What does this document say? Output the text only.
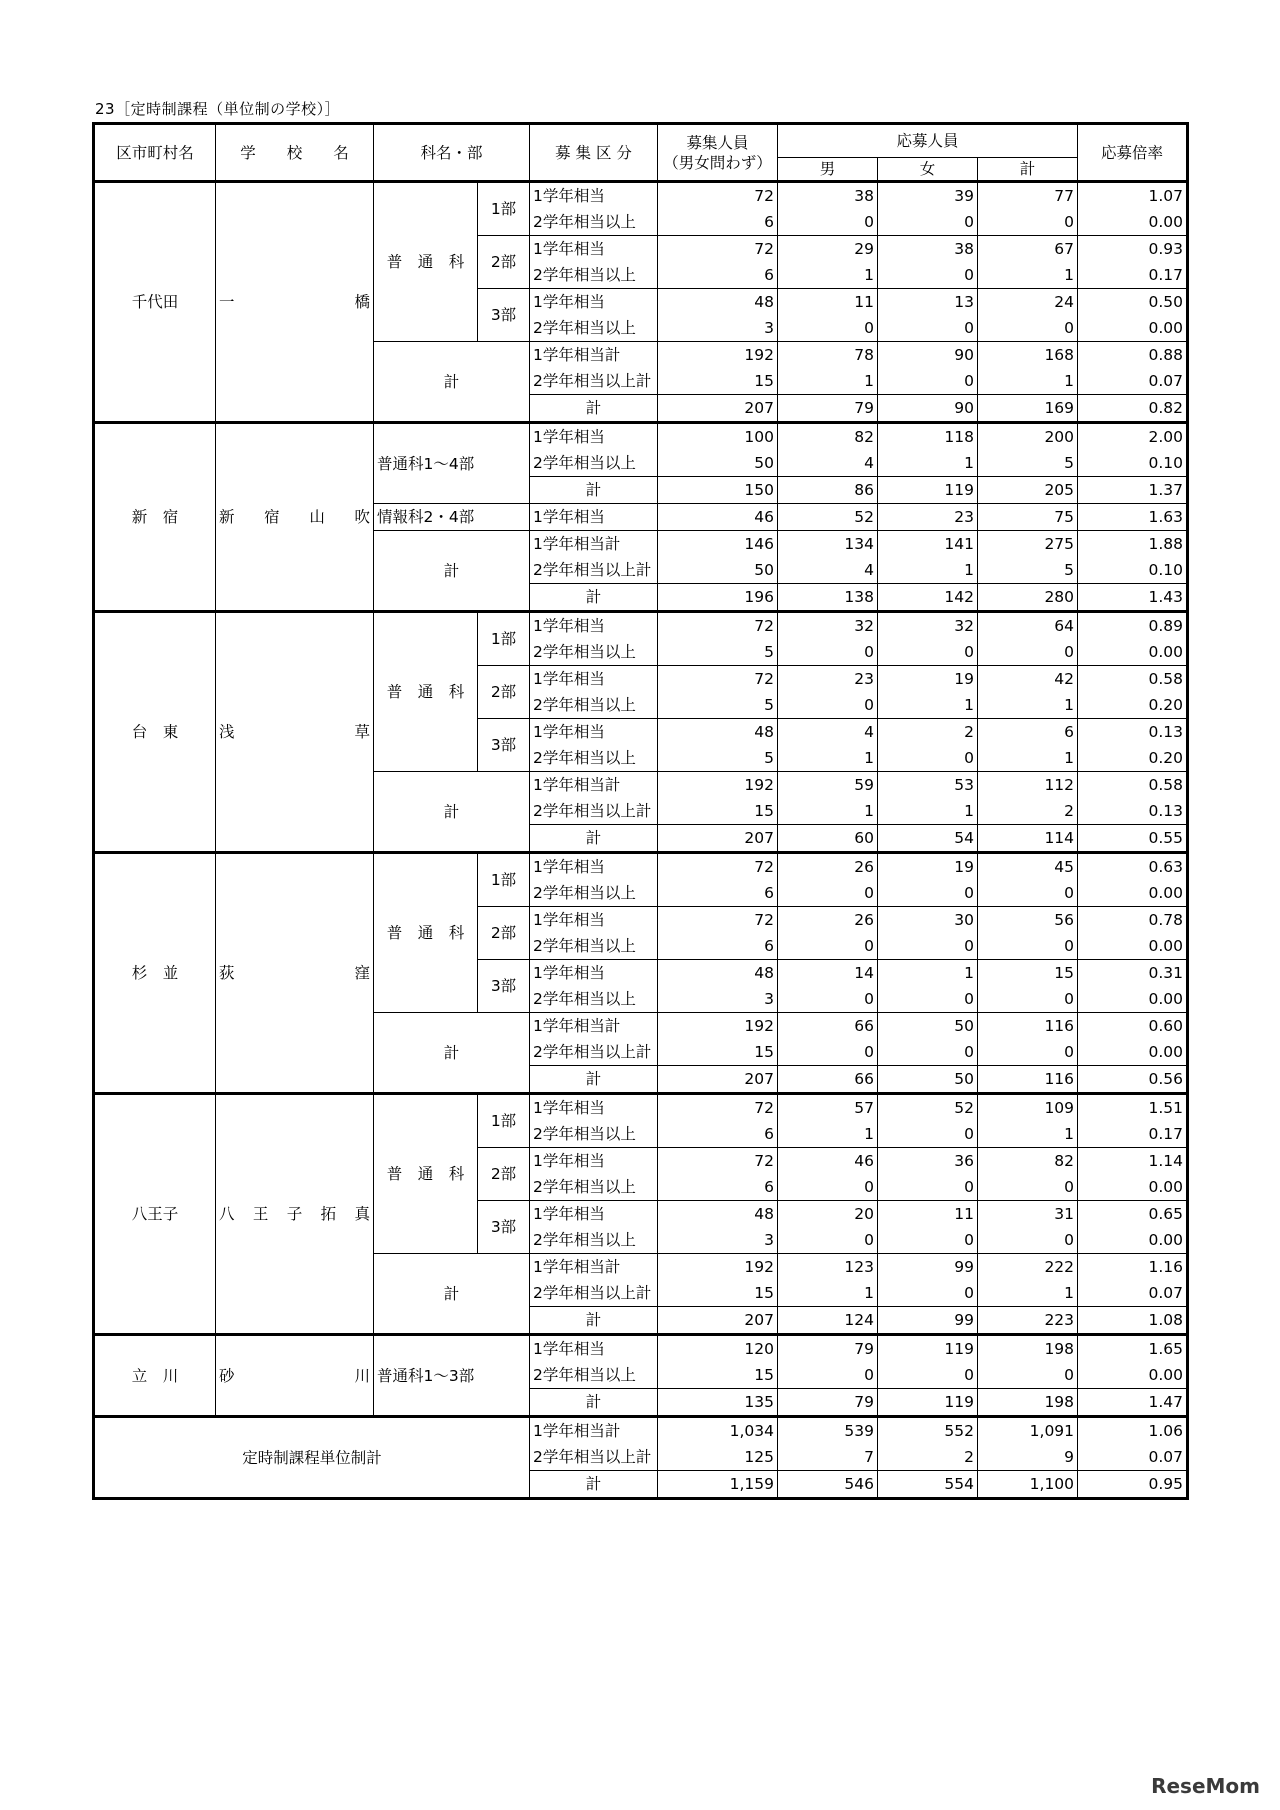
23［定時制課程（単位制の学校）］
区市町村名	学　　校　　名	科名・部		募 集 区 分	募集人員
（男女問わず）	応募人員			応募倍率
						男	女	計	
千代田	一 橋	普　通　科	1部	1学年相当	72	38	39	77	1.07
				2学年相当以上	6	0	0	0	0.00
			2部	1学年相当	72	29	38	67	0.93
				2学年相当以上	6	1	0	1	0.17
			3部	1学年相当	48	11	13	24	0.50
				2学年相当以上	3	0	0	0	0.00
		計		1学年相当計	192	78	90	168	0.88
				2学年相当以上計	15	1	0	1	0.07
				計	207	79	90	169	0.82
新　宿	新 宿 山 吹	普通科1～4部		1学年相当	100	82	118	200	2.00
				2学年相当以上	50	4	1	5	0.10
				計	150	86	119	205	1.37
		情報科2・4部		1学年相当	46	52	23	75	1.63
		計		1学年相当計	146	134	141	275	1.88
				2学年相当以上計	50	4	1	5	0.10
				計	196	138	142	280	1.43
台　東	浅 草	普　通　科	1部	1学年相当	72	32	32	64	0.89
				2学年相当以上	5	0	0	0	0.00
			2部	1学年相当	72	23	19	42	0.58
				2学年相当以上	5	0	1	1	0.20
			3部	1学年相当	48	4	2	6	0.13
				2学年相当以上	5	1	0	1	0.20
		計		1学年相当計	192	59	53	112	0.58
				2学年相当以上計	15	1	1	2	0.13
				計	207	60	54	114	0.55
杉　並	荻 窪	普　通　科	1部	1学年相当	72	26	19	45	0.63
				2学年相当以上	6	0	0	0	0.00
			2部	1学年相当	72	26	30	56	0.78
				2学年相当以上	6	0	0	0	0.00
			3部	1学年相当	48	14	1	15	0.31
				2学年相当以上	3	0	0	0	0.00
		計		1学年相当計	192	66	50	116	0.60
				2学年相当以上計	15	0	0	0	0.00
				計	207	66	50	116	0.56
八王子	八 王 子 拓 真	普　通　科	1部	1学年相当	72	57	52	109	1.51
				2学年相当以上	6	1	0	1	0.17
			2部	1学年相当	72	46	36	82	1.14
				2学年相当以上	6	0	0	0	0.00
			3部	1学年相当	48	20	11	31	0.65
				2学年相当以上	3	0	0	0	0.00
		計		1学年相当計	192	123	99	222	1.16
				2学年相当以上計	15	1	0	1	0.07
				計	207	124	99	223	1.08
立　川	砂 川	普通科1～3部		1学年相当	120	79	119	198	1.65
				2学年相当以上	15	0	0	0	0.00
				計	135	79	119	198	1.47
定時制課程単位制計				1学年相当計	1,034	539	552	1,091	1.06
				2学年相当以上計	125	7	2	9	0.07
				計	1,159	546	554	1,100	0.95
ReseMom
